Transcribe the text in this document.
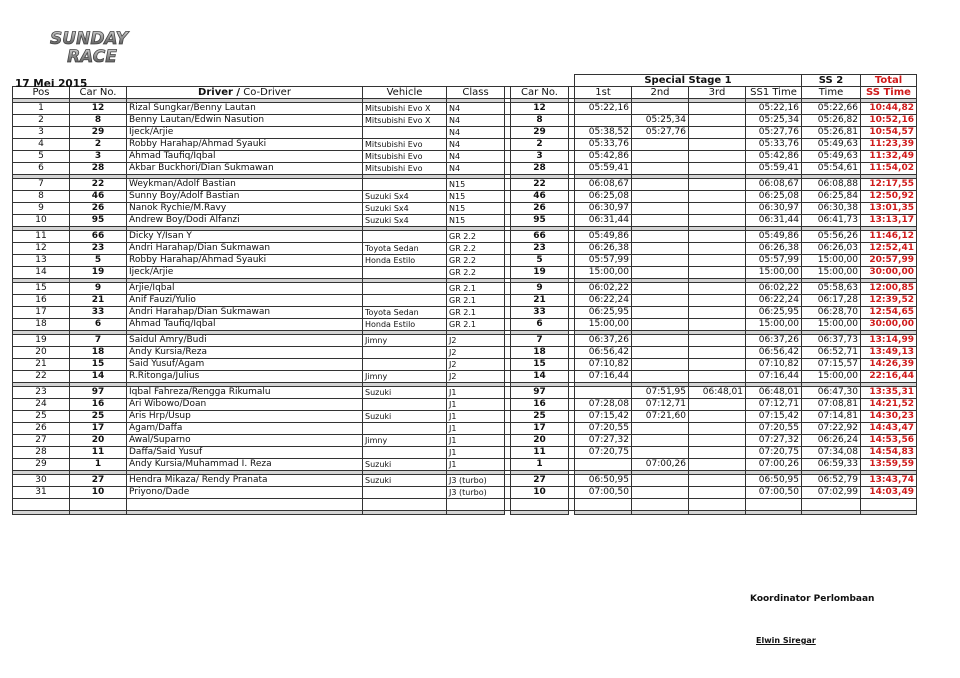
SUNDAY
RACE
								Special Stage 1				SS 2	Total
Pos	Car No.	Driver / Co-Driver	Vehicle	Class		Car No.		1st	2nd	3rd	SS1 Time	Time	SS Time

1	12	Rizal Sungkar/Benny Lautan	Mitsubishi Evo X	N4		12		05:22,16			05:22,16	05:22,66	10:44,82
2	8	Benny Lautan/Edwin Nasution	Mitsubishi Evo X	N4		8			05:25,34		05:25,34	05:26,82	10:52,16
3	29	Ijeck/Arjie		N4		29		05:38,52	05:27,76		05:27,76	05:26,81	10:54,57
4	2	Robby Harahap/Ahmad Syauki	Mitsubishi Evo	N4		2		05:33,76			05:33,76	05:49,63	11:23,39
5	3	Ahmad Taufiq/Iqbal	Mitsubishi Evo	N4		3		05:42,86			05:42,86	05:49,63	11:32,49
6	28	Akbar Buckhori/Dian Sukmawan	Mitsubishi Evo	N4		28		05:59,41			05:59,41	05:54,61	11:54,02

7	22	Weykman/Adolf Bastian		N15		22		06:08,67			06:08,67	06:08,88	12:17,55
8	46	Sunny Boy/Adolf Bastian	Suzuki Sx4	N15		46		06:25,08			06:25,08	06:25,84	12:50,92
9	26	Nanok Rychie/M.Ravy	Suzuki Sx4	N15		26		06:30,97			06:30,97	06:30,38	13:01,35
10	95	Andrew Boy/Dodi Alfanzi	Suzuki Sx4	N15		95		06:31,44			06:31,44	06:41,73	13:13,17

11	66	Dicky Y/Isan Y		GR 2.2		66		05:49,86			05:49,86	05:56,26	11:46,12
12	23	Andri Harahap/Dian Sukmawan	Toyota Sedan	GR 2.2		23		06:26,38			06:26,38	06:26,03	12:52,41
13	5	Robby Harahap/Ahmad Syauki	Honda Estilo	GR 2.2		5		05:57,99			05:57,99	15:00,00	20:57,99
14	19	Ijeck/Arjie		GR 2.2		19		15:00,00			15:00,00	15:00,00	30:00,00

15	9	Arjie/Iqbal		GR 2.1		9		06:02,22			06:02,22	05:58,63	12:00,85
16	21	Anif Fauzi/Yulio		GR 2.1		21		06:22,24			06:22,24	06:17,28	12:39,52
17	33	Andri Harahap/Dian Sukmawan	Toyota Sedan	GR 2.1		33		06:25,95			06:25,95	06:28,70	12:54,65
18	6	Ahmad Taufiq/Iqbal	Honda Estilo	GR 2.1		6		15:00,00			15:00,00	15:00,00	30:00,00

19	7	Saidul Amry/Budi	Jimny	J2		7		06:37,26			06:37,26	06:37,73	13:14,99
20	18	Andy Kursia/Reza		J2		18		06:56,42			06:56,42	06:52,71	13:49,13
21	15	Said Yusuf/Agam		J2		15		07:10,82			07:10,82	07:15,57	14:26,39
22	14	R.Ritonga/Julius	Jimny	J2		14		07:16,44			07:16,44	15:00,00	22:16,44

23	97	Iqbal Fahreza/Rengga Rikumalu	Suzuki	J1		97			07:51,95	06:48,01	06:48,01	06:47,30	13:35,31
24	16	Ari Wibowo/Doan		J1		16		07:28,08	07:12,71		07:12,71	07:08,81	14:21,52
25	25	Aris Hrp/Usup	Suzuki	J1		25		07:15,42	07:21,60		07:15,42	07:14,81	14:30,23
26	17	Agam/Daffa		J1		17		07:20,55			07:20,55	07:22,92	14:43,47
27	20	Awal/Suparno	Jimny	J1		20		07:27,32			07:27,32	06:26,24	14:53,56
28	11	Daffa/Said Yusuf		J1		11		07:20,75			07:20,75	07:34,08	14:54,83
29	1	Andy Kursia/Muhammad I. Reza	Suzuki	J1		1			07:00,26		07:00,26	06:59,33	13:59,59

30	27	Hendra Mikaza/ Rendy Pranata	Suzuki	J3 (turbo)		27		06:50,95			06:50,95	06:52,79	13:43,74
31	10	Priyono/Dade		J3 (turbo)		10		07:00,50			07:00,50	07:02,99	14:03,49

17 Mei 2015
Koordinator Perlombaan
Elwin Siregar
